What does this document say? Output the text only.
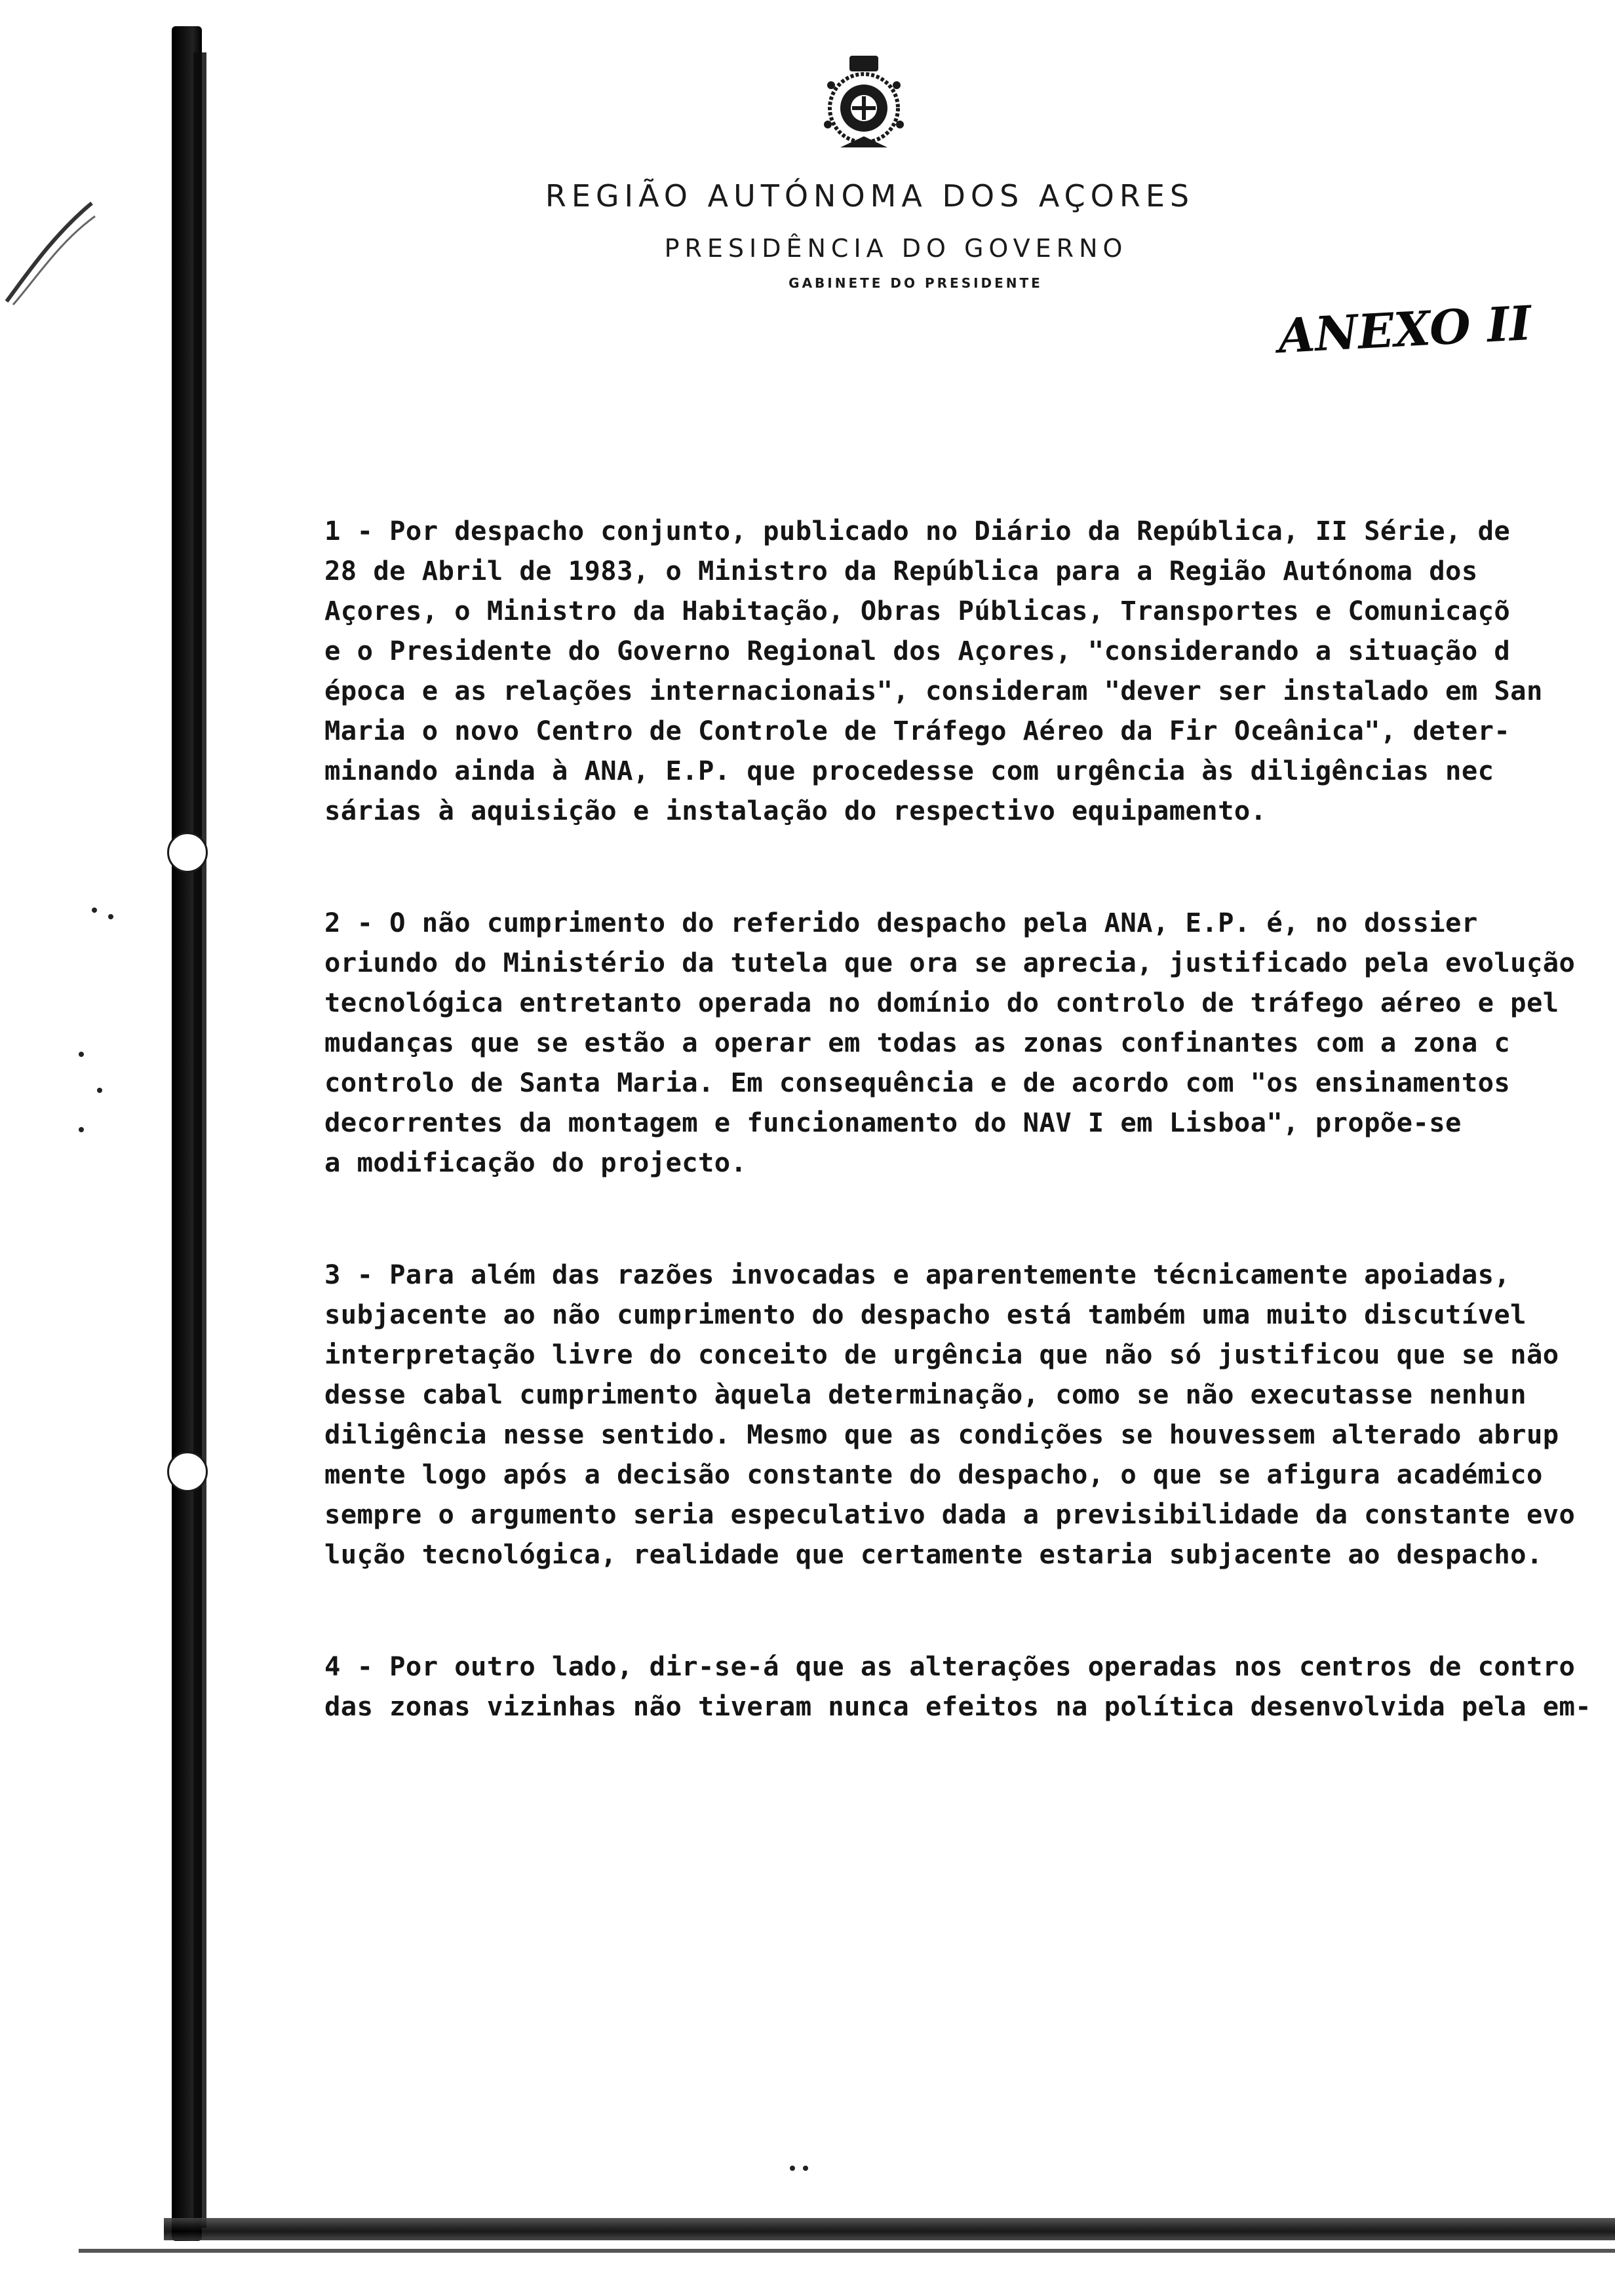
REGIÃO AUTÓNOMA DOS AÇORES
PRESIDÊNCIA DO GOVERNO
GABINETE DO PRESIDENTE
ANEXO II
1 - Por despacho conjunto, publicado no Diário da República, II Série, de
28 de Abril de 1983, o Ministro da República para a Região Autónoma dos
Açores, o Ministro da Habitação, Obras Públicas, Transportes e Comunicaçõ
e o Presidente do Governo Regional dos Açores, "considerando a situação d
época e as relações internacionais", consideram "dever ser instalado em San
Maria o novo Centro de Controle de Tráfego Aéreo da Fir Oceânica", deter-
minando ainda à ANA, E.P. que procedesse com urgência às diligências nec
sárias à aquisição e instalação do respectivo equipamento.
2 - O não cumprimento do referido despacho pela ANA, E.P. é, no dossier
oriundo do Ministério da tutela que ora se aprecia, justificado pela evolução
tecnológica entretanto operada no domínio do controlo de tráfego aéreo e pel
mudanças que se estão a operar em todas as zonas confinantes com a zona c
controlo de Santa Maria. Em consequência e de acordo com "os ensinamentos
decorrentes da montagem e funcionamento do NAV I em Lisboa", propõe-se
a modificação do projecto.
3 - Para além das razões invocadas e aparentemente técnicamente apoiadas,
subjacente ao não cumprimento do despacho está também uma muito discutível
interpretação livre do conceito de urgência que não só justificou que se não
desse cabal cumprimento àquela determinação, como se não executasse nenhun
diligência nesse sentido. Mesmo que as condições se houvessem alterado abrup
mente logo após a decisão constante do despacho, o que se afigura académico
sempre o argumento seria especulativo dada a previsibilidade da constante evo
lução tecnológica, realidade que certamente estaria subjacente ao despacho.
4 - Por outro lado, dir-se-á que as alterações operadas nos centros de contro
das zonas vizinhas não tiveram nunca efeitos na política desenvolvida pela em-
